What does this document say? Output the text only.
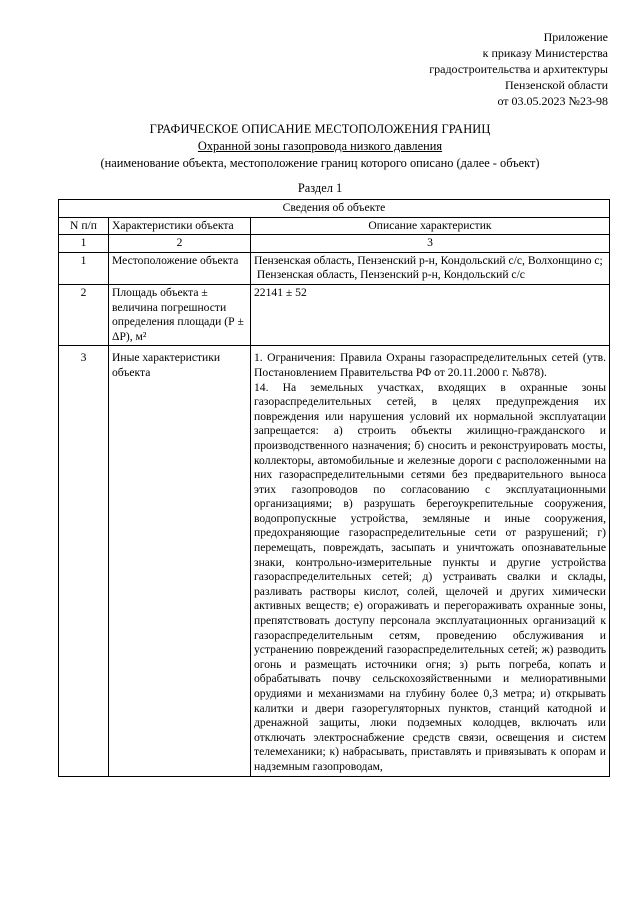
Приложение
к приказу Министерства
градостроительства и архитектуры
Пензенской области
от 03.05.2023 №23-98
ГРАФИЧЕСКОЕ ОПИСАНИЕ МЕСТОПОЛОЖЕНИЯ ГРАНИЦ
Охранной зоны газопровода низкого давления
(наименование объекта, местоположение границ которого описано (далее - объект)
Раздел 1
Сведения об объекте		
N п/п	Характеристики объекта	Описание характеристик
1	2	3
1	Местоположение объекта	Пензенская область, Пензенский р-н, Кондольский с/с, Волхонщино с;
Пензенская область, Пензенский р-н, Кондольский с/с

2	Площадь объекта ± величина погрешности определения площади (Р ± ΔР), м²	22141 ± 52
3	Иные характеристики объекта	1. Ограничения: Правила Охраны газораспределительных сетей (утв. Постановлением Правительства РФ от 20.11.2000 г. №878).
14. На земельных участках, входящих в охранные зоны газораспределительных сетей, в целях предупреждения их повреждения или нарушения условий их нормальной эксплуатации запрещается: а) строить объекты жилищно-гражданского и производственного назначения; б) сносить и реконструировать мосты, коллекторы, автомобильные и железные дороги с расположенными на них газораспределительными сетями без предварительного выноса этих газопроводов по согласованию с эксплуатационными организациями; в) разрушать берегоукрепительные сооружения, водопропускные устройства, земляные и иные сооружения, предохраняющие газораспределительные сети от разрушений; г) перемещать, повреждать, засыпать и уничтожать опознавательные знаки, контрольно-измерительные пункты и другие устройства газораспределительных сетей; д) устраивать свалки и склады, разливать растворы кислот, солей, щелочей и других химически активных веществ; е) огораживать и перегораживать охранные зоны, препятствовать доступу персонала эксплуатационных организаций к газораспределительным сетям, проведению обслуживания и устранению повреждений газораспределительных сетей; ж) разводить огонь и размещать источники огня; з) рыть погреба, копать и обрабатывать почву сельскохозяйственными и мелиоративными орудиями и механизмами на глубину более 0,3 метра; и) открывать калитки и двери газорегуляторных пунктов, станций катодной и дренажной защиты, люки подземных колодцев, включать или отключать электроснабжение средств связи, освещения и систем телемеханики; к) набрасывать, приставлять и привязывать к опорам и надземным газопроводам,
